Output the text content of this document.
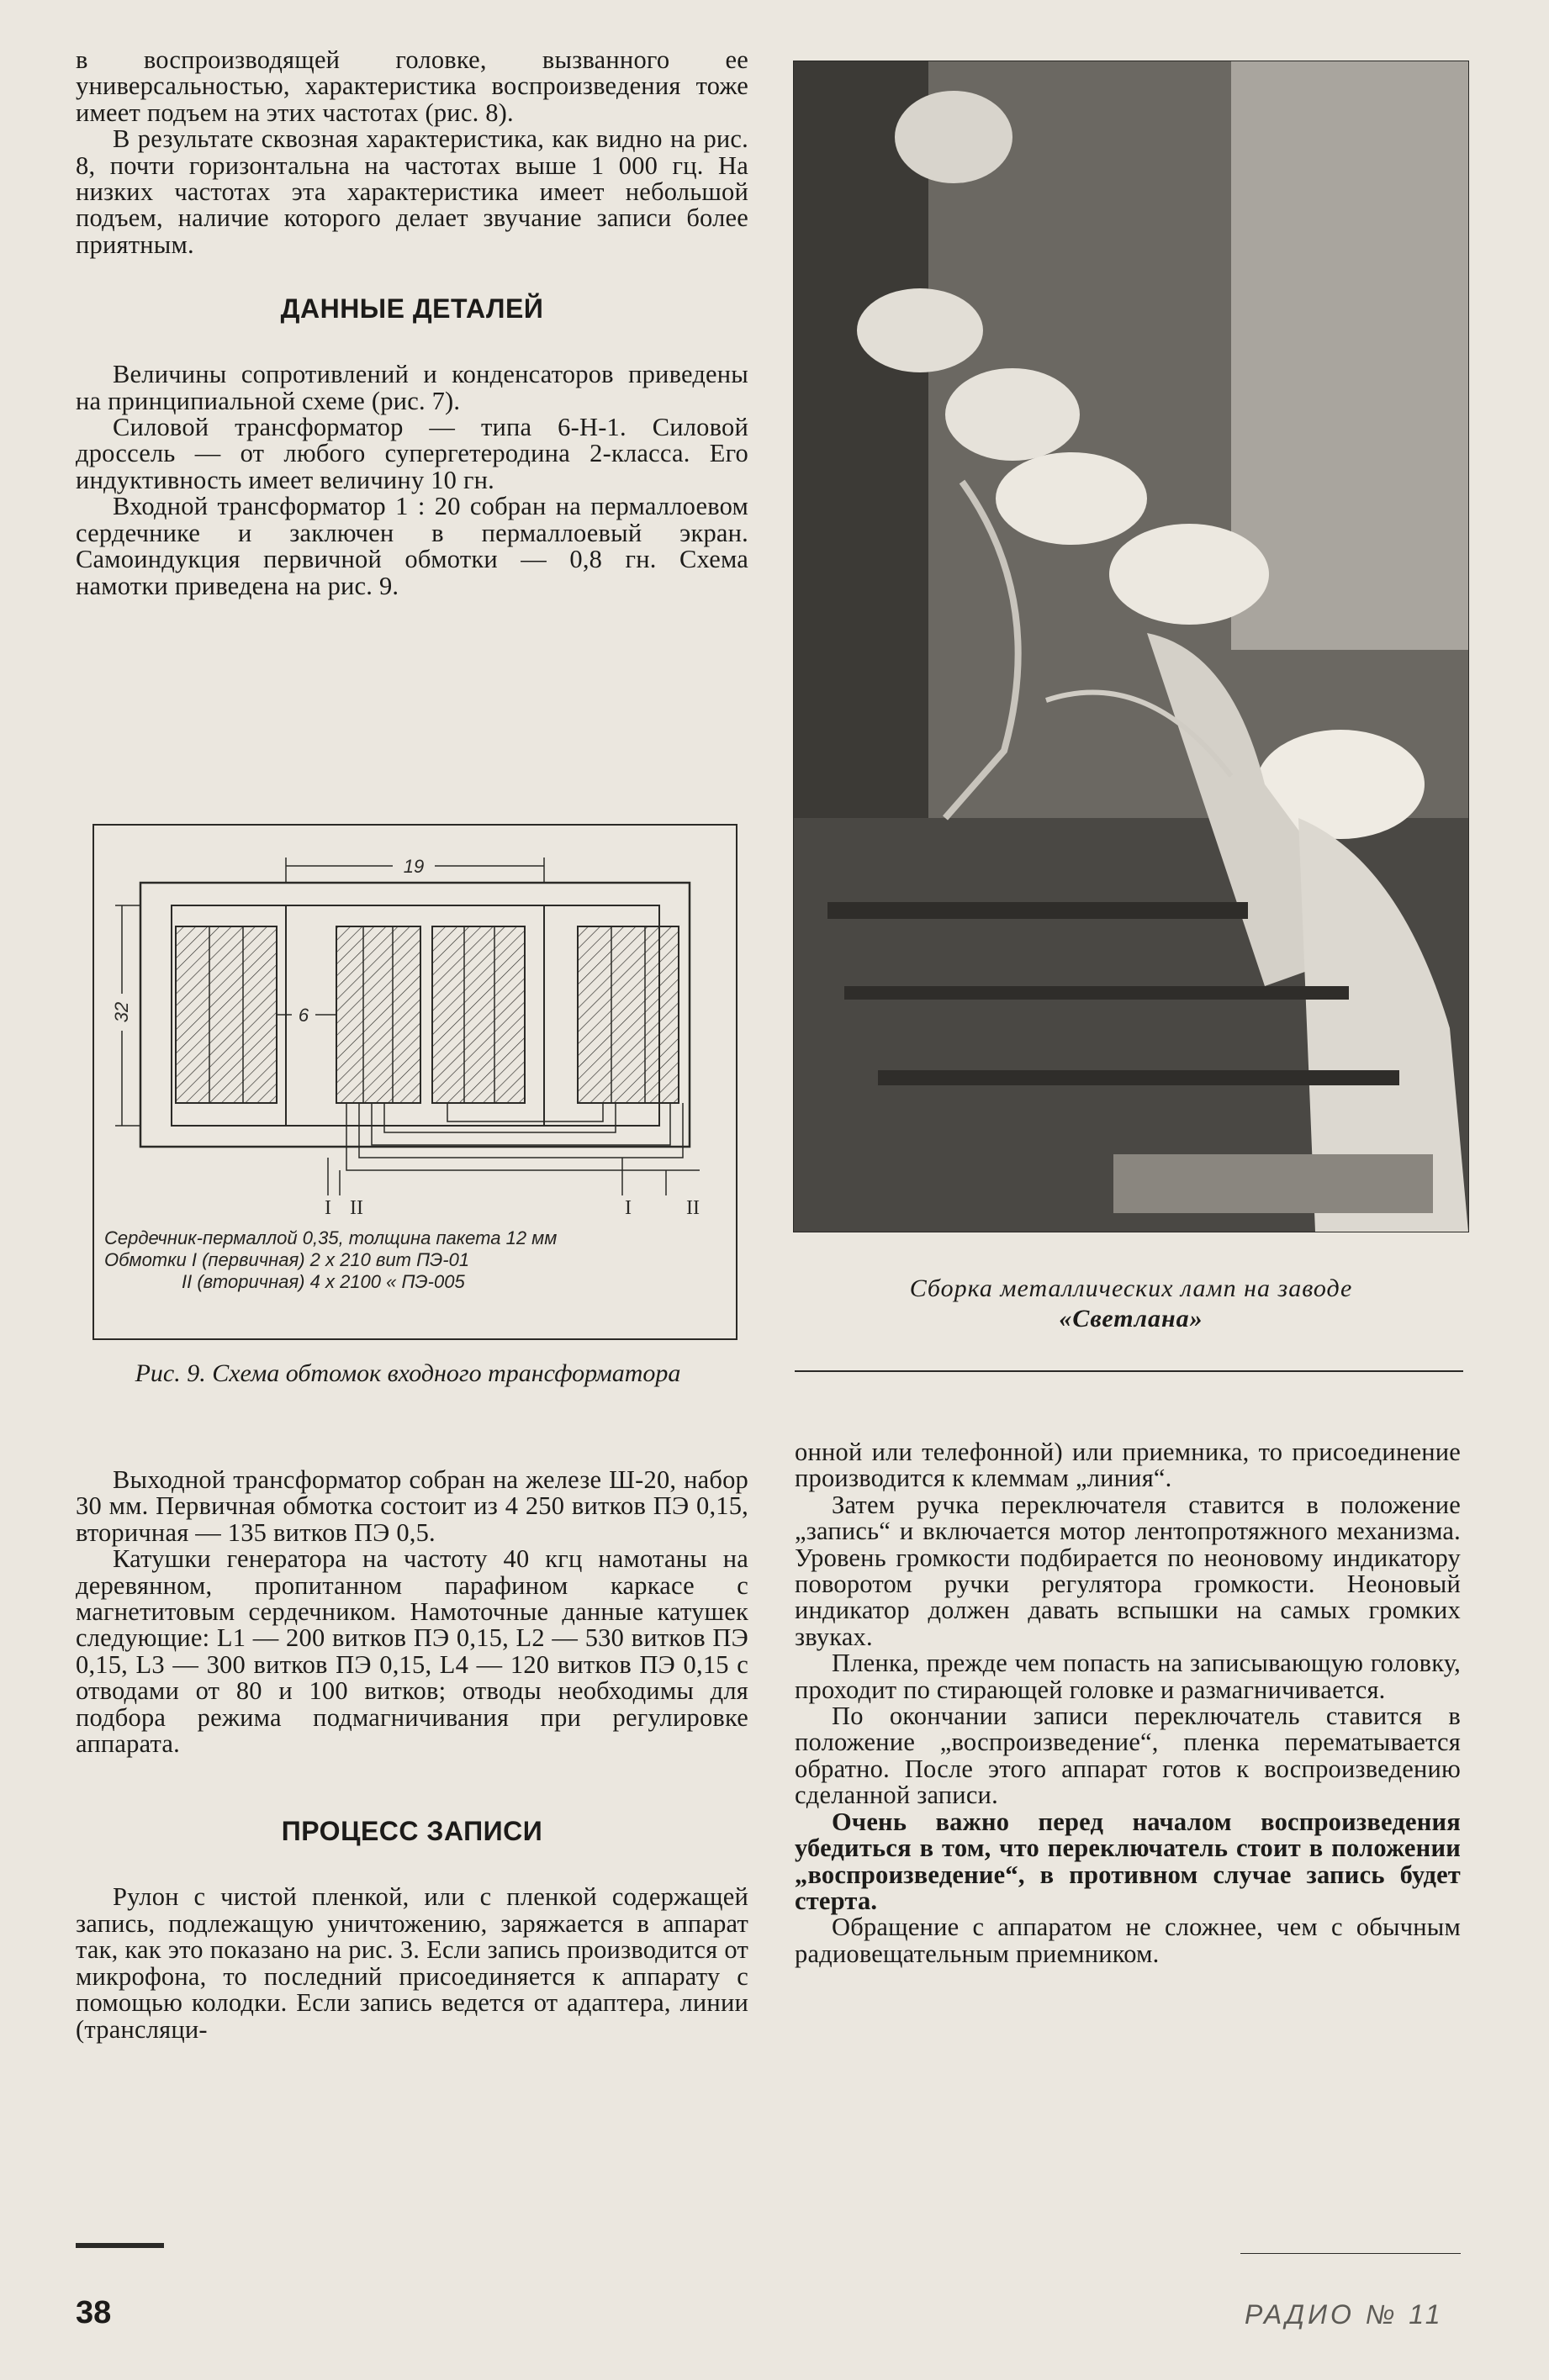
в воспроизводящей головке, вызванного ее универсальностью, характеристика воспроизведения тоже имеет подъем на этих частотах (рис. 8).

В результате сквозная характеристика, как видно на рис. 8, почти горизонтальна на частотах выше 1 000 гц. На низких частотах эта характеристика имеет небольшой подъем, наличие которого делает звучание записи более приятным.

ДАННЫЕ ДЕТАЛЕЙ

Величины сопротивлений и конденсаторов приведены на принципиальной схеме (рис. 7).

Силовой трансформатор — типа 6-Н-1. Силовой дроссель — от любого супергетеродина 2-класса. Его индуктивность имеет величину 10 гн.

Входной трансформатор 1 : 20 собран на пермаллоевом сердечнике и заключен в пермаллоевый экран. Самоиндукция первичной обмотки — 0,8 гн. Схема намотки приведена на рис. 9.

19
32	6
I II	I	II
Сердечник-пермаллой 0,35, толщина пакета 12 мм
Обмотки I (первичная) 2 x 210 вит ПЭ-01
II (вторичная) 4 x 2100 « ПЭ-005
Рис. 9. Схема обтомок входного трансформатора
Сборка металлических ламп на заводе
«Светлана»

Выходной трансформатор собран на железе Ш-20, набор 30 мм. Первичная обмотка состоит из 4 250 витков ПЭ 0,15, вторичная — 135 витков ПЭ 0,5.

Катушки генератора на частоту 40 кгц намотаны на деревянном, пропитанном парафином каркасе с магнетитовым сердечником. Намоточные данные катушек следующие: L1 — 200 витков ПЭ 0,15, L2 — 530 витков ПЭ 0,15, L3 — 300 витков ПЭ 0,15, L4 — 120 витков ПЭ 0,15 с отводами от 80 и 100 витков; отводы необходимы для подбора режима подмагничивания при регулировке аппарата.

ПРОЦЕСС ЗАПИСИ

Рулон с чистой пленкой, или с пленкой содержащей запись, подлежащую уничтожению, заряжается в аппарат так, как это показано на рис. 3. Если запись производится от микрофона, то последний присоединяется к аппарату с помощью колодки. Если запись ведется от адаптера, линии (трансляци-

онной или телефонной) или приемника, то присоединение производится к клеммам „линия“.

Затем ручка переключателя ставится в положение „запись“ и включается мотор лентопротяжного механизма. Уровень громкости подбирается по неоновому индикатору поворотом ручки регулятора громкости. Неоновый индикатор должен давать вспышки на самых громких звуках.

Пленка, прежде чем попасть на записывающую головку, проходит по стирающей головке и размагничивается.

По окончании записи переключатель ставится в положение „воспроизведение“, пленка перематывается обратно. После этого аппарат готов к воспроизведению сделанной записи.

Очень важно перед началом воспроизведения убедиться в том, что переключатель стоит в положении „воспроизведение“, в противном случае запись будет стерта.

Обращение с аппаратом не сложнее, чем с обычным радиовещательным приемником.

38	РАДИО № 11
